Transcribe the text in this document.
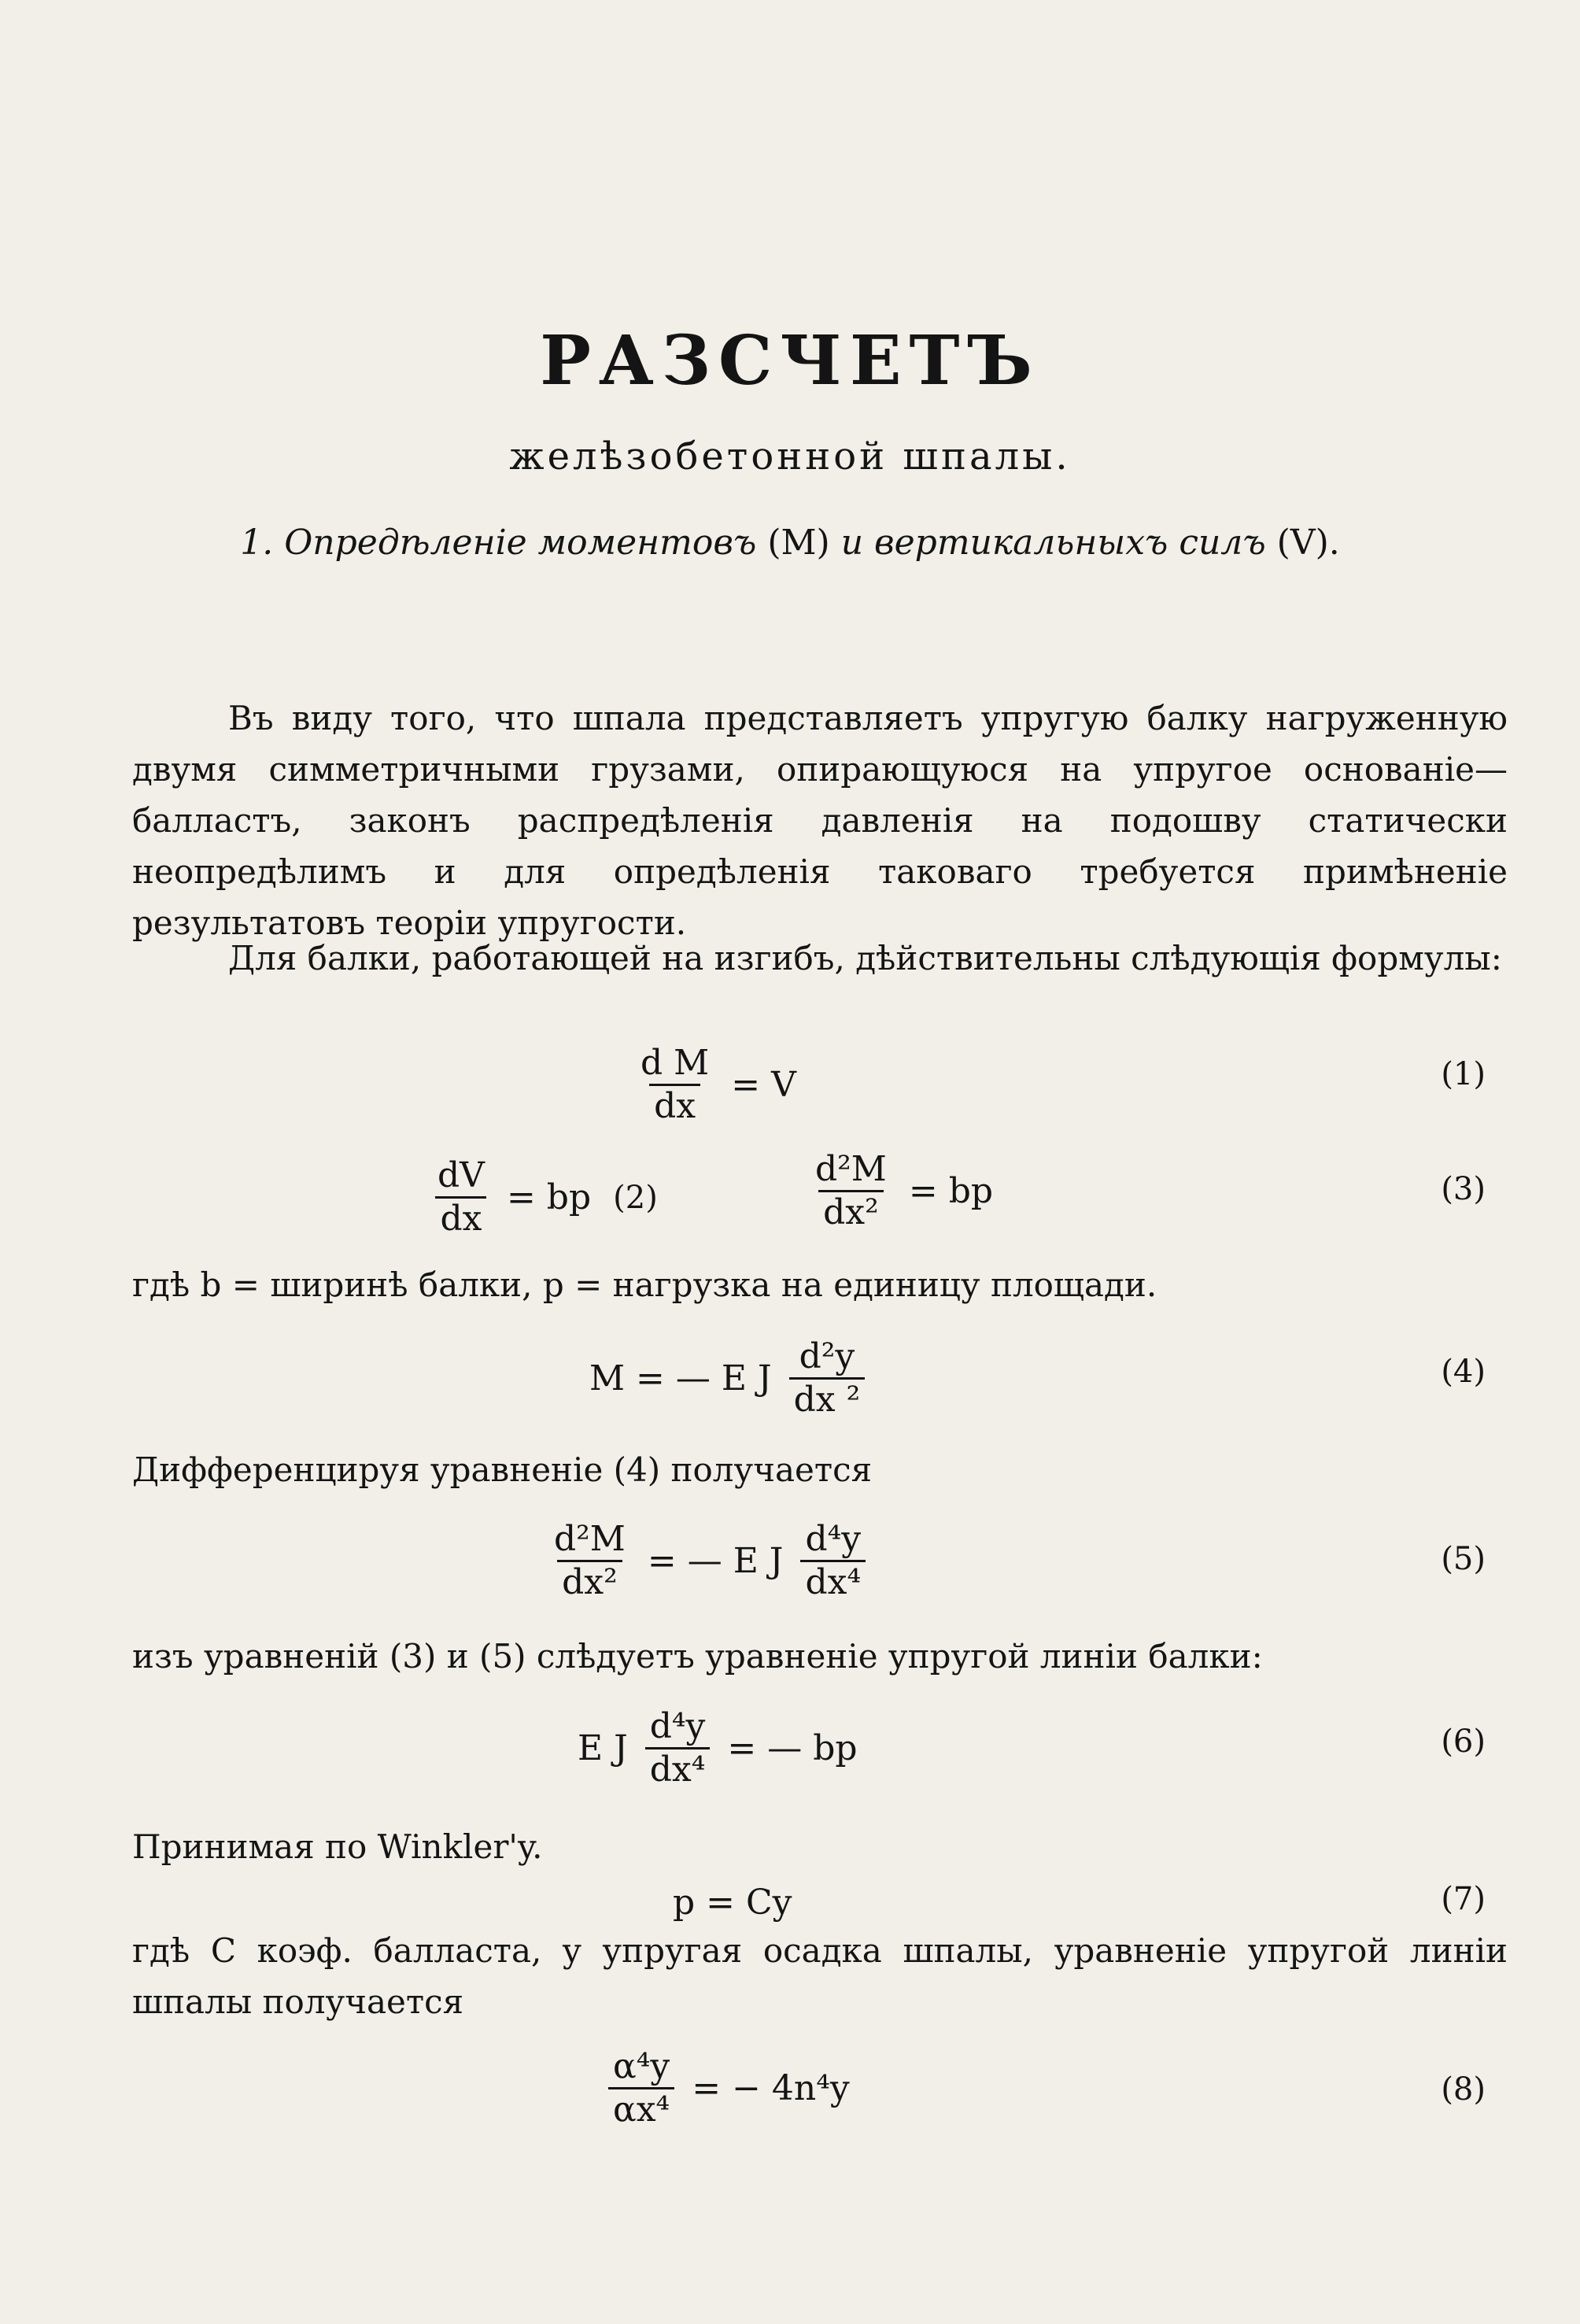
РАЗСЧЕТЪ
желѣзобетонной шпалы.
1. Опредѣленіе моментовъ (M) и вертикальныхъ силъ (V).

Въ виду того, что шпала представляетъ упругую балку нагруженную двумя симметричными грузами, опирающуюся на упругое основаніе—балластъ, законъ распредѣленія давленія на подошву статически неопредѣлимъ и для опредѣленія таковаго требуется примѣненіе результатовъ теоріи упругости.

Для балки, работающей на изгибъ, дѣйствительны слѣдующія формулы:

$\frac{\text{d M}}{dx} = V$	(1)
$\frac{dV}{dx}$ = bp (2)	$\frac{\text{d²M}}{\text{dx²}}$ = bp	(3)
гдѣ b = ширинѣ балки, p = нагрузка на единицу площади.
M = — E J $\frac{\text{d²y}}{\text{dx ²}}$	(4)
Дифференцируя уравненіе (4) получается
$\frac{\text{d²M}}{\text{dx²}}$ = — E J $\frac{\text{d⁴y}}{\text{dx⁴}}$	(5)
изъ уравненій (3) и (5) слѣдуетъ уравненіе упругой линіи балки:
E J $\frac{\text{d⁴y}}{\text{dx⁴}}$ = — bp	(6)
Принимая по Winkler'y.
p = Cy	(7)

гдѣ C коэф. балласта, y упругая осадка шпалы, уравненіе упругой линіи шпалы получается

$\frac{\text{α⁴y}}{\text{αx⁴}}$ = − 4n⁴y	(8)
